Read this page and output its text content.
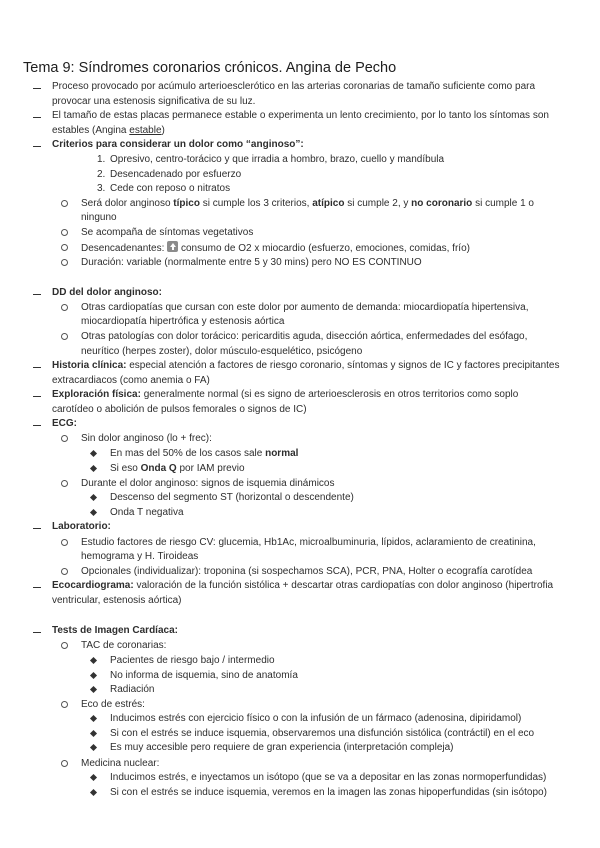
Tema 9: Síndromes coronarios crónicos. Angina de Pecho
Proceso provocado por acúmulo arterioesclerótico en las arterias coronarias de tamaño suficiente como para
provocar una estenosis significativa de su luz.
El tamaño de estas placas permanece estable o experimenta un lento crecimiento, por lo tanto los síntomas son
estables (Angina estable)
Criterios para considerar un dolor como “anginoso”:
1. Opresivo, centro-torácico y que irradia a hombro, brazo, cuello y mandíbula
2. Desencadenado por esfuerzo
3. Cede con reposo o nitratos
Será dolor anginoso típico si cumple los 3 criterios, atípico si cumple 2, y no coronario si cumple 1 o
ninguno
Se acompaña de síntomas vegetativos
Desencadenantes:  consumo de O2 x miocardio (esfuerzo, emociones, comidas, frío)
Duración: variable (normalmente entre 5 y 30 mins) pero NO ES CONTINUO
DD del dolor anginoso:
Otras cardiopatías que cursan con este dolor por aumento de demanda: miocardiopatía hipertensiva,
miocardiopatía hipertrófica y estenosis aórtica
Otras patologías con dolor torácico: pericarditis aguda, disección aórtica, enfermedades del esófago,
neurítico (herpes zoster), dolor músculo-esquelético, psicógeno
Historia clínica: especial atención a factores de riesgo coronario, síntomas y signos de IC y factores precipitantes
extracardiacos (como anemia o FA)
Exploración física: generalmente normal (si es signo de arterioesclerosis en otros territorios como soplo
carotídeo o abolición de pulsos femorales o signos de IC)
ECG:
Sin dolor anginoso (lo + frec):
En mas del 50% de los casos sale normal
Si eso Onda Q por IAM previo
Durante el dolor anginoso: signos de isquemia dinámicos
Descenso del segmento ST (horizontal o descendente)
Onda T negativa
Laboratorio:
Estudio factores de riesgo CV: glucemia, Hb1Ac, microalbuminuria, lípidos, aclaramiento de creatinina,
hemograma y H. Tiroideas
Opcionales (individualizar): troponina (si sospechamos SCA), PCR, PNA, Holter o ecografía carotídea
Ecocardiograma: valoración de la función sistólica + descartar otras cardiopatías con dolor anginoso (hipertrofia
ventricular, estenosis aórtica)
Tests de Imagen Cardíaca:
TAC de coronarias:
Pacientes de riesgo bajo / intermedio
No informa de isquemia, sino de anatomía
Radiación
Eco de estrés:
Inducimos estrés con ejercicio físico o con la infusión de un fármaco (adenosina, dipiridamol)
Si con el estrés se induce isquemia, observaremos una disfunción sistólica (contráctil) en el eco
Es muy accesible pero requiere de gran experiencia (interpretación compleja)
Medicina nuclear:
Inducimos estrés, e inyectamos un isótopo (que se va a depositar en las zonas normoperfundidas)
Si con el estrés se induce isquemia, veremos en la imagen las zonas hipoperfundidas (sin isótopo)
